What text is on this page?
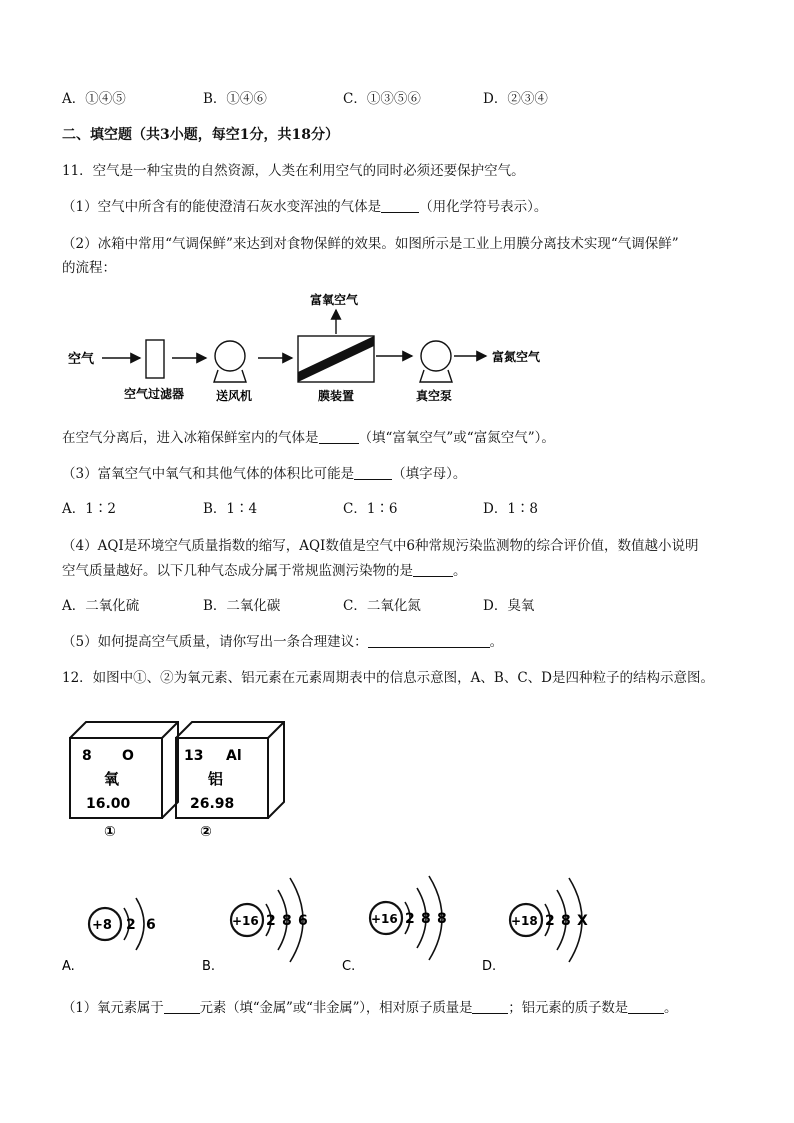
A．①④⑤	B．①④⑥	C．①③⑤⑥	D．②③④
二、填空题（共3小题，每空1分，共18分）
11．空气是一种宝贵的自然资源，人类在利用空气的同时必须还要保护空气。
（1）空气中所含有的能使澄清石灰水变浑浊的气体是	（用化学符号表示）。
（2）冰箱中常用“气调保鲜”来达到对食物保鲜的效果。如图所示是工业上用膜分离技术实现“气调保鲜”
的流程：
空气
空气过滤器	送风机	膜装置
富氧空气
真空泵
富氮空气
在空气分离后，进入冰箱保鲜室内的气体是	（填“富氧空气”或“富氮空气”）。
（3）富氧空气中氧气和其他气体的体积比可能是	（填字母）。
A．1∶2	B．1∶4	C．1∶6	D．1∶8
（4）AQI是环境空气质量指数的缩写，AQI数值是空气中6种常规污染监测物的综合评价值，数值越小说明
空气质量越好。以下几种气态成分属于常规监测污染物的是	。
A．二氧化硫	B．二氧化碳	C．二氧化氮	D．臭氧
（5）如何提高空气质量，请你写出一条合理建议：	。
12．如图中①、②为氧元素、铝元素在元素周期表中的信息示意图，A、B、C、D是四种粒子的结构示意图。
8 O
氧
16.00
①
13 Al
铝
26.98
②
+8 2 6
A.
+16 2 8 6
B.
+16 2 8 8
C.
+18 2 8 X
D.
（1）氧元素属于	元素（填“金属”或“非金属”），相对原子质量是	；铝元素的质子数是	。
